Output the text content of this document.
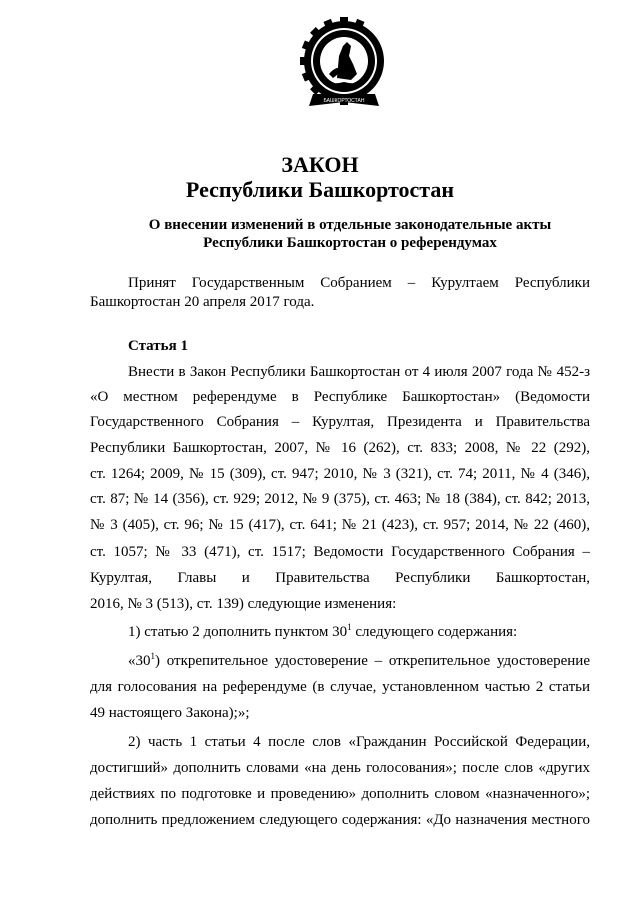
БАШКОРТОСТАН
ЗАКОН
Республики Башкортостан
О внесении изменений в отдельные законодательные акты
Республики Башкортостан о референдумах
Принят Государственным Собранием – Курултаем Республики
Башкортостан 20 апреля 2017 года.
Статья 1
Внести в Закон Республики Башкортостан от 4 июля 2007 года № 452-з
«О местном референдуме в Республике Башкортостан» (Ведомости
Государственного Собрания – Курултая, Президента и Правительства
Республики Башкортостан, 2007, № 16 (262), ст. 833; 2008, № 22 (292),
ст. 1264; 2009, № 15 (309), ст. 947; 2010, № 3 (321), ст. 74; 2011, № 4 (346),
ст. 87; № 14 (356), ст. 929; 2012, № 9 (375), ст. 463; № 18 (384), ст. 842; 2013,
№ 3 (405), ст. 96; № 15 (417), ст. 641; № 21 (423), ст. 957; 2014, № 22 (460),
ст. 1057; № 33 (471), ст. 1517; Ведомости Государственного Собрания –
Курултая, Главы и Правительства Республики Башкортостан,
2016, № 3 (513), ст. 139) следующие изменения:
1) статью 2 дополнить пунктом $30^1$ следующего содержания:
«$30^1$) открепительное удостоверение – открепительное удостоверение
для голосования на референдуме (в случае, установленном частью 2 статьи
49 настоящего Закона);»;
2) часть 1 статьи 4 после слов «Гражданин Российской Федерации,
достигший» дополнить словами «на день голосования»; после слов «других
действиях по подготовке и проведению» дополнить словом «назначенного»;
дополнить предложением следующего содержания: «До назначения местного
